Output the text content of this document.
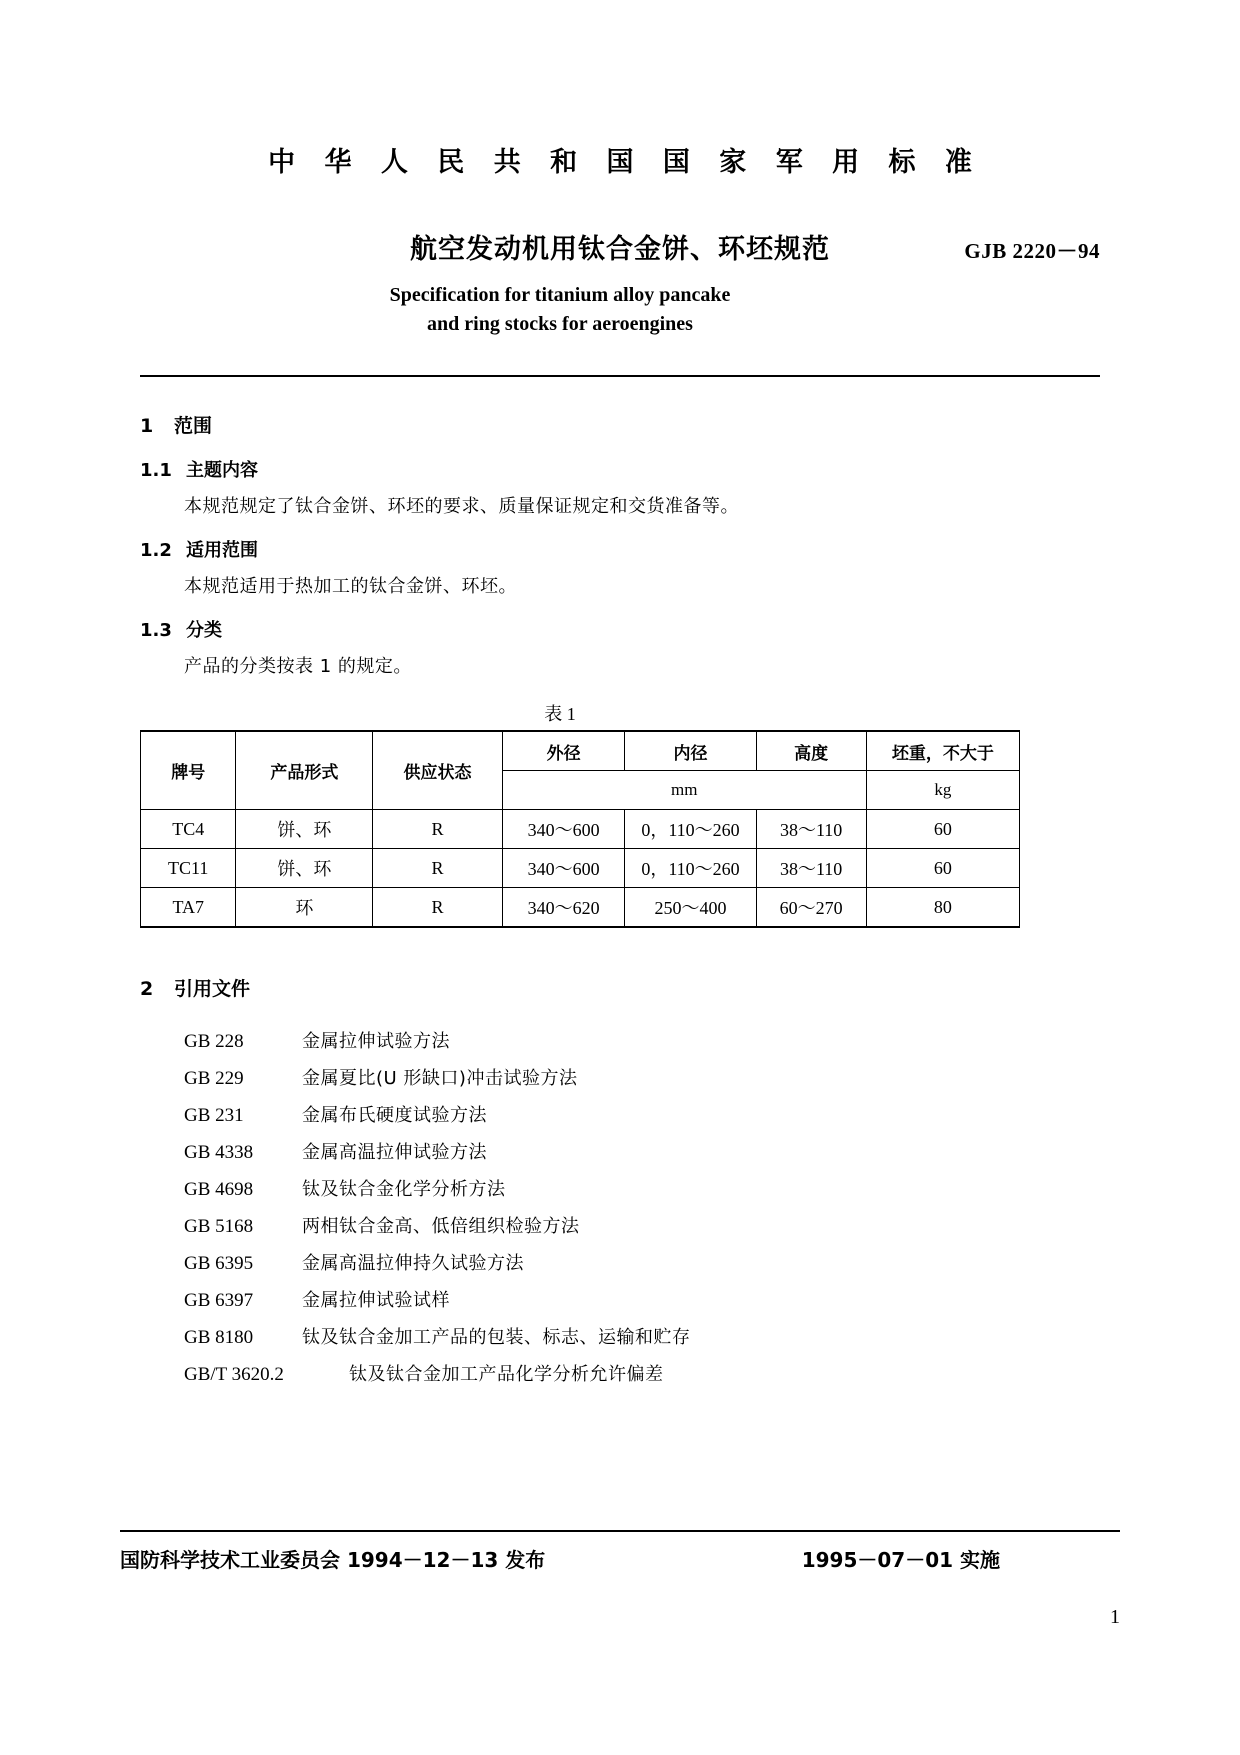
中 华 人 民 共 和 国 国 家 军 用 标 准
航空发动机用钛合金饼、环坯规范	GJB 2220－94
Specification for titanium alloy pancake
and ring stocks for aeroengines
1 范围
1.1 主题内容
本规范规定了钛合金饼、环坯的要求、质量保证规定和交货准备等。
1.2 适用范围
本规范适用于热加工的钛合金饼、环坯。
1.3 分类
产品的分类按表 1 的规定。
表 1
牌号	产品形式	供应状态	外径	内径	高度	坯重，不大于
			mm			kg
TC4	饼、环	R	340～600	0，110～260	38～110	60
TC11	饼、环	R	340～600	0，110～260	38～110	60
TA7	环	R	340～620	250～400	60～270	80
2 引用文件
GB 228	金属拉伸试验方法
GB 229	金属夏比(U 形缺口)冲击试验方法
GB 231	金属布氏硬度试验方法
GB 4338	金属高温拉伸试验方法
GB 4698	钛及钛合金化学分析方法
GB 5168	两相钛合金高、低倍组织检验方法
GB 6395	金属高温拉伸持久试验方法
GB 6397	金属拉伸试验试样
GB 8180	钛及钛合金加工产品的包装、标志、运输和贮存
GB/T 3620.2	钛及钛合金加工产品化学分析允许偏差
国防科学技术工业委员会 1994－12－13 发布	1995－07－01 实施
1
